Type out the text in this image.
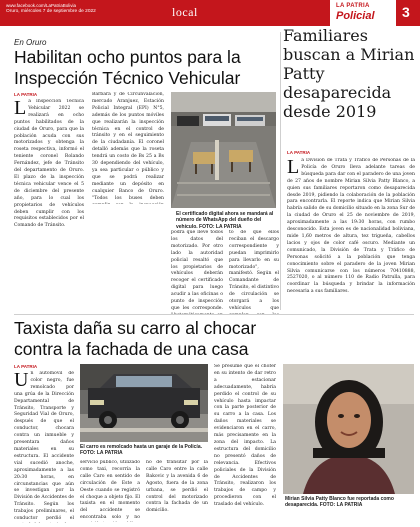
www.facebook.com/LaPatriaBolivia
Oruro, miércoles 7 de septiembre de 2022	local	LA PATRIA
Policial 3
En Oruro
Habilitan ocho puntos para la Inspección Técnico Vehicular
LA PATRIA
La Inspección Técnica Vehicular 2022 se realizará en ocho puntos habilitados de la ciudad de Oruro, para que la población acuda con sus motorizados y obtenga la roseta respectiva, informó el teniente coronel Rolando Fernández, jefe de Tránsito del departamento de Oruro. El plazo de la inspección técnica vehicular vence el 5 de diciembre del presente año, para lo cual los propietarios de vehículos deben cumplir con los requisitos establecidos por el Comando de Tránsito.
Bárbara y de Circunvalación, mercado Aranjuez, Estación Policial Integral (EPI) N°5, además de los puntos móviles que realizarán la inspección técnica en el control de tránsito y en el seguimiento de la ciudadanía. El coronel detalló además que la roseta tendrá un costo de Bs 25 a Bs 30 dependiendo del vehículo, ya sea particular o público y que se podrá realizar mediante un depósito en cualquier Banco de Oruro. "Todos los buses deben
El certificado digital ahora se mandará al número de WhatsApp del dueño del vehículo. FOTO: LA PATRIA
podrá que lleve todos los datos del motorizado. Por otro lado la autoridad policial resaltó que los propietarios de vehículos deberán recoger el certificado digital para luego acudir a las oficinas o punto de inspección que les corresponde.
to de que ellos reciban el descargo correspondiente y puedan imprimirlo para llevarlo en su motorizado", manifestó. Según el Comandante de Tránsito, el distintivo de circulación se otorgará a los vehículos que
Familiares buscan a Mirian Patty desaparecida desde 2019
LA PATRIA
La División de Trata y Tráfico de Personas de la Policía de Oruro lleva adelante tareas de búsqueda para dar con el paradero de una joven de 27 años de nombre Mirian Silvia Patty Blanco, a quien sus familiares reportaron como desaparecida desde 2019, pidiendo la colaboración de la población para encontrarla. El reporte indica que Mirian Silvia habría salido de su domicilio situado en la zona Sur de la ciudad de Oruro el 25 de noviembre de 2019, aproximadamente a las 19:30 horas, con rumbo desconocido. Esta joven es de nacionalidad boliviana, mide 1,60 metros de altura, tez trigueña, cabellos lacios y ojos de color café oscuro. Mediante un comunicado, la División de Trata y Tráfico de Personas solicitó a la población que tenga conocimiento sobre el paradero de la joven Mirian Silvia comunicarse con los números 70410888, 2527020, o al número 110 de Radio Patrulla, para coordinar la búsqueda y brindar la información necesaria a sus familiares.
Taxista daña su carro al chocar contra la fachada de una casa
LA PATRIA
Un automóvil de color negro, fue remolcado por una grúa de la Dirección Departamental de Tránsito, Transporte y Seguridad Vial de Oruro, después de que el conductor, chocara contra un inmueble y presentara daños materiales en su estructura. El accidente vial sucedió anoche, aproximadamente a las 20:30 horas, en circunstancias que aún se investigan por la División de Accidentes de Tránsito. Según los trabajos preliminares, el conductor perdió el
El carro es remolcado hasta un garaje de la Policía. FOTO: LA PATRIA
servicio público, utilizado como taxi, recorría la calle Caro en sentido de circulación de Este a Oeste cuando se registró el choque a objeto fijo. El taxista en el momento del accidente se encontraba solo y no
ño de transitar por la calle Caro entre la calle Bakovic y la avenida 6 de Agosto, fuera de la zona urbana, se perdió el control del motorizado contra la fachada de un domicilio.
Se presume que el chofer en su intento de dar retro a estacionar adecuadamente, habría perdido el control de su vehículo hasta impactar con la parte posterior de su carro a la casa. Los daños materiales se evidenciaron en el carro, más precisamente en la zona del impacto. La estructura del domicilio no presentó daños de relevancia. Efectivos policiales de la División de Accidentes de Tránsito, realizaron los trabajos de campo y procedieron con el traslado del vehículo.
Mirian Silvia Patty Blanco fue reportada como desaparecida. FOTO: LA PATRIA
